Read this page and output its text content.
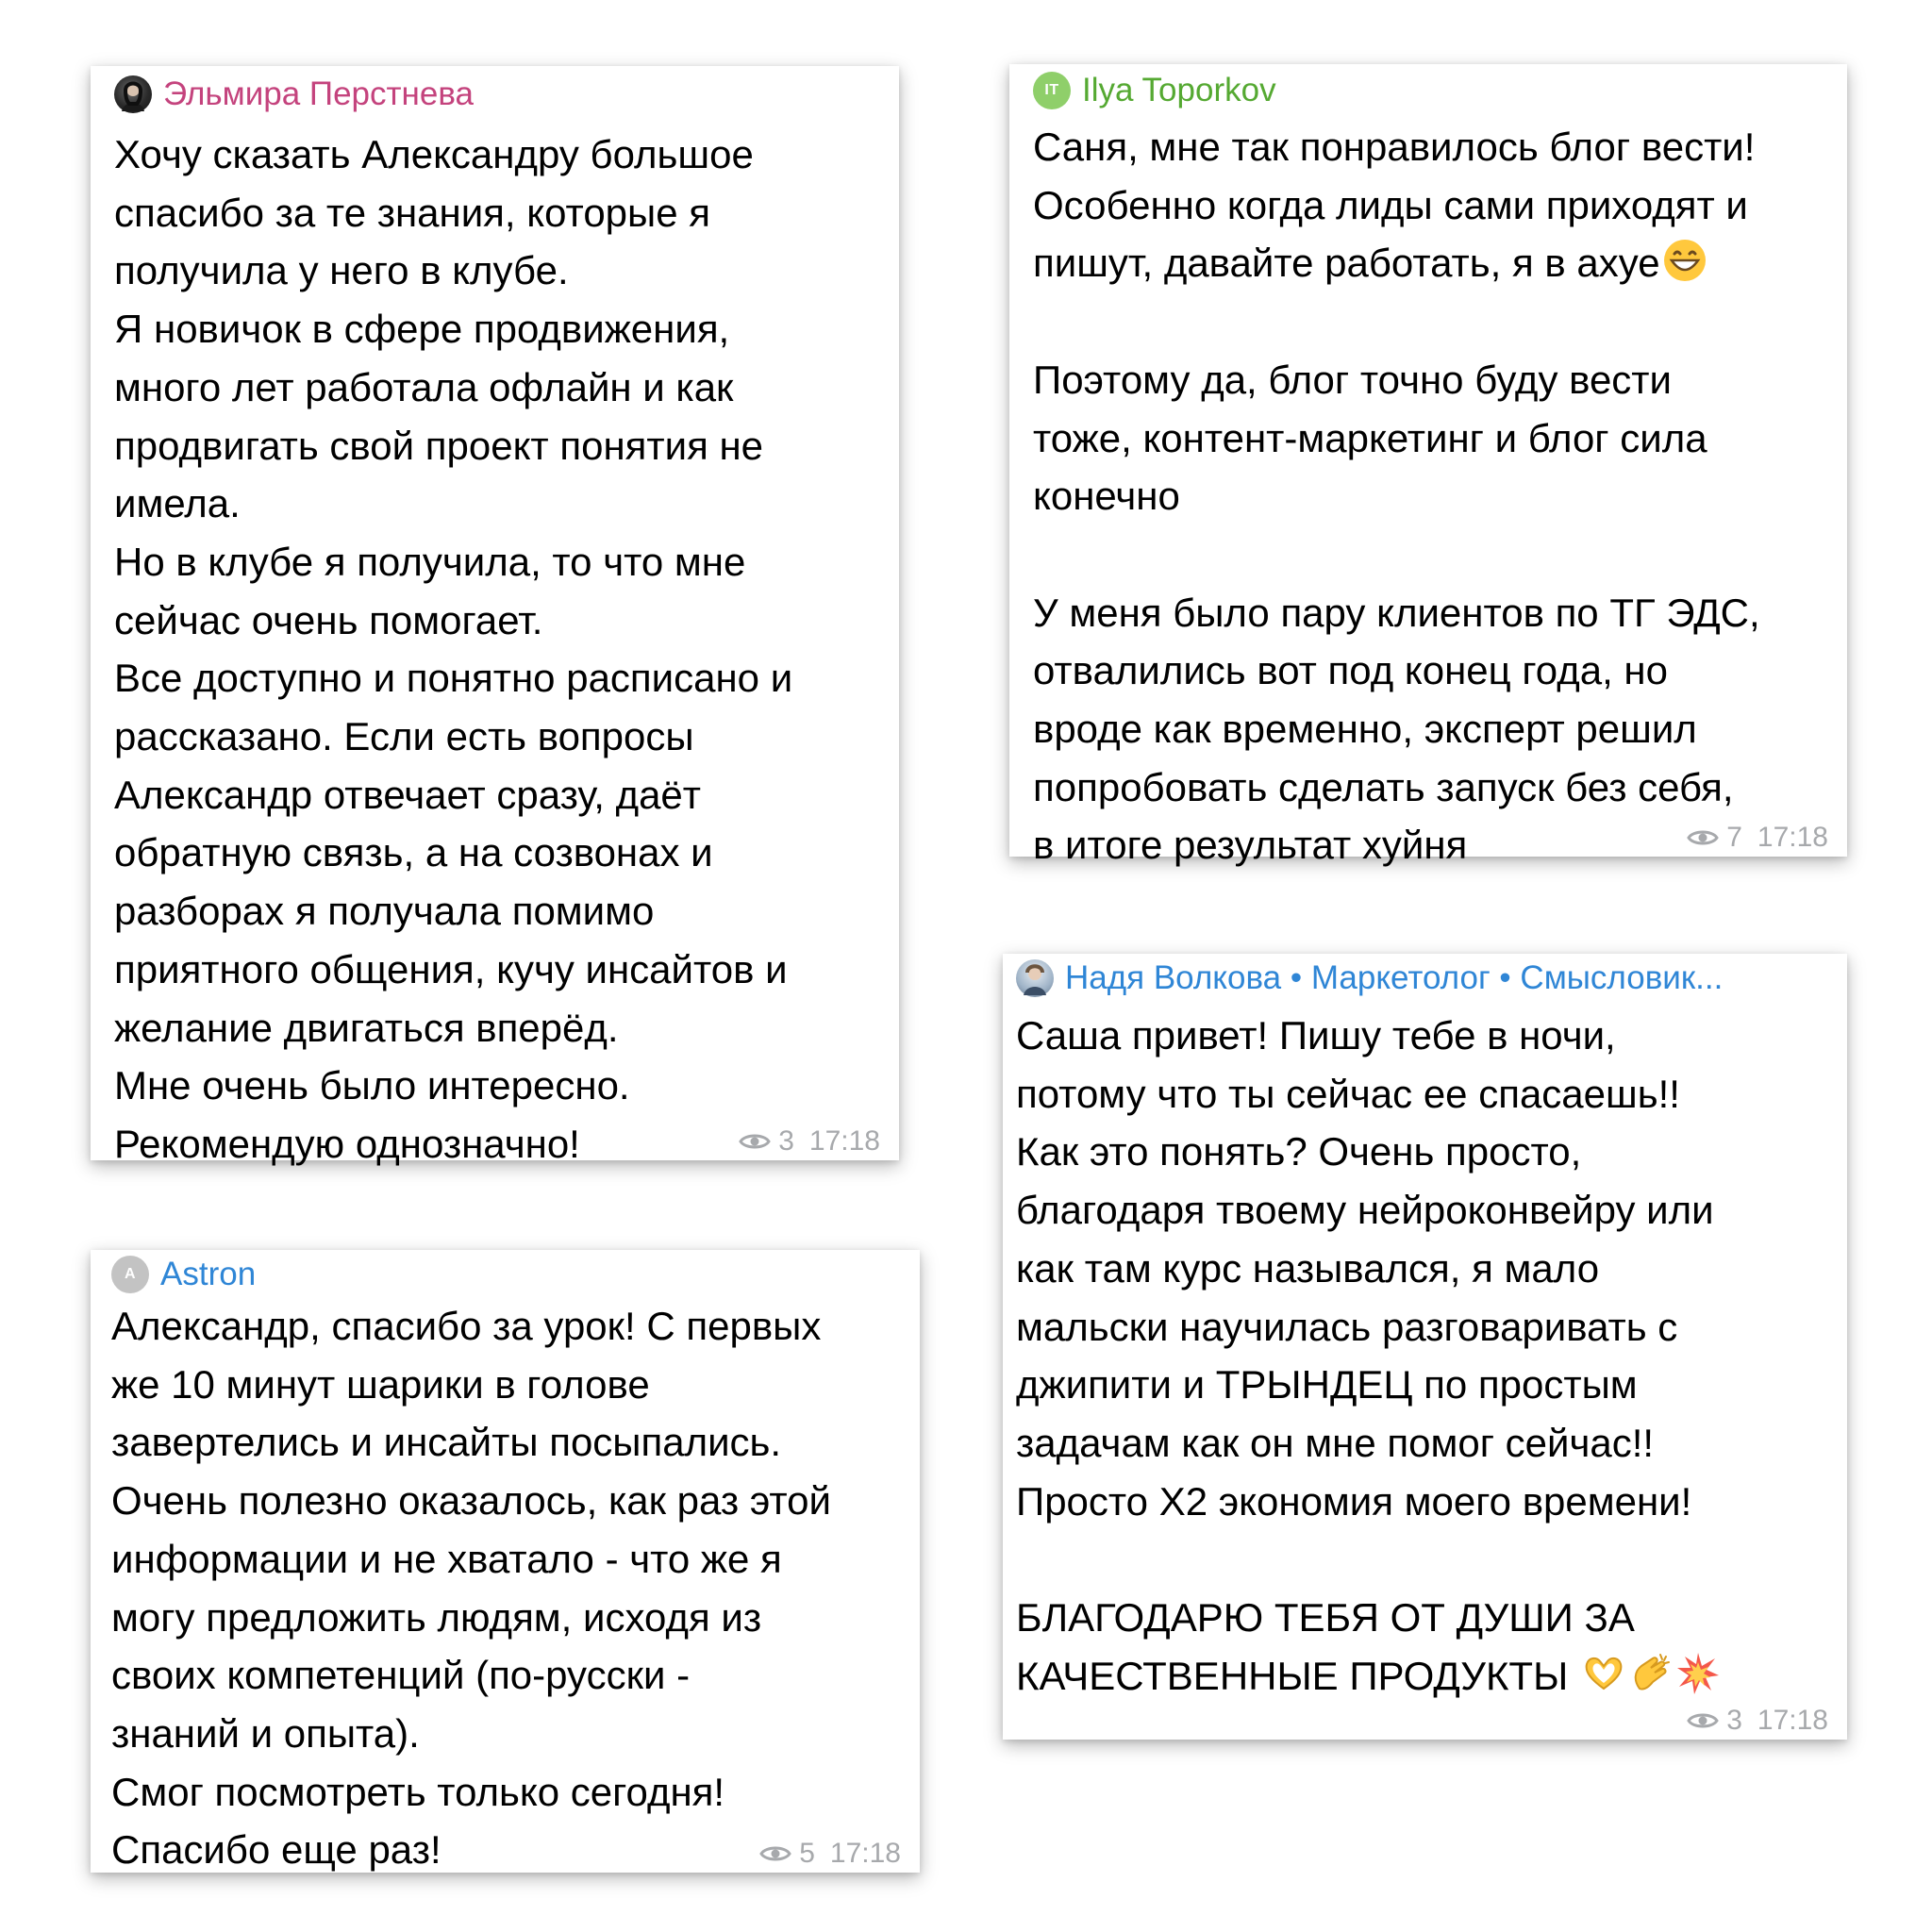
Эльмира Перстнева

Хочу сказать Александру большое
спасибо за те знания, которые я
получила у него в клубе.
Я новичок в сфере продвижения,
много лет работала офлайн и как
продвигать свой проект понятия не
имела.
Но в клубе я получила, то что мне
сейчас очень помогает.
Все доступно и понятно расписано и
рассказано. Если есть вопросы
Александр отвечает сразу, даёт
обратную связь, а на созвонах и
разборах я получала помимо
приятного общения, кучу инсайтов и
желание двигаться вперёд.
Мне очень было интересно.
Рекомендую однозначно!	3 17:18
IT Ilya Toporkov

Саня, мне так понравилось блог вести!
Особенно когда лиды сами приходят и
пишут, давайте работать, я в ахуе

Поэтому да, блог точно буду вести
тоже, контент-маркетинг и блог сила
конечно

У меня было пару клиентов по ТГ ЭДС,
отвалились вот под конец года, но
вроде как временно, эксперт решил
попробовать сделать запуск без себя,
в итоге результат хуйня	7 17:18
Надя Волкова • Маркетолог • Смысловик...

Саша привет! Пишу тебе в ночи,
потому что ты сейчас ее спасаешь!!
Как это понять? Очень просто,
благодаря твоему нейроконвейру или
как там курс назывался, я мало
мальски научилась разговаривать с
джипити и ТРЫНДЕЦ по простым
задачам как он мне помог сейчас!!
Просто Х2 экономия моего времени!

БЛАГОДАРЮ ТЕБЯ ОТ ДУШИ ЗА
КАЧЕСТВЕННЫЕ ПРОДУКТЫ

3 17:18
A Astron

Александр, спасибо за урок! С первых
же 10 минут шарики в голове
завертелись и инсайты посыпались.
Очень полезно оказалось, как раз этой
информации и не хватало - что же я
могу предложить людям, исходя из
своих компетенций (по-русски -
знаний и опыта).
Смог посмотреть только сегодня!
Спасибо еще раз!	5 17:18
